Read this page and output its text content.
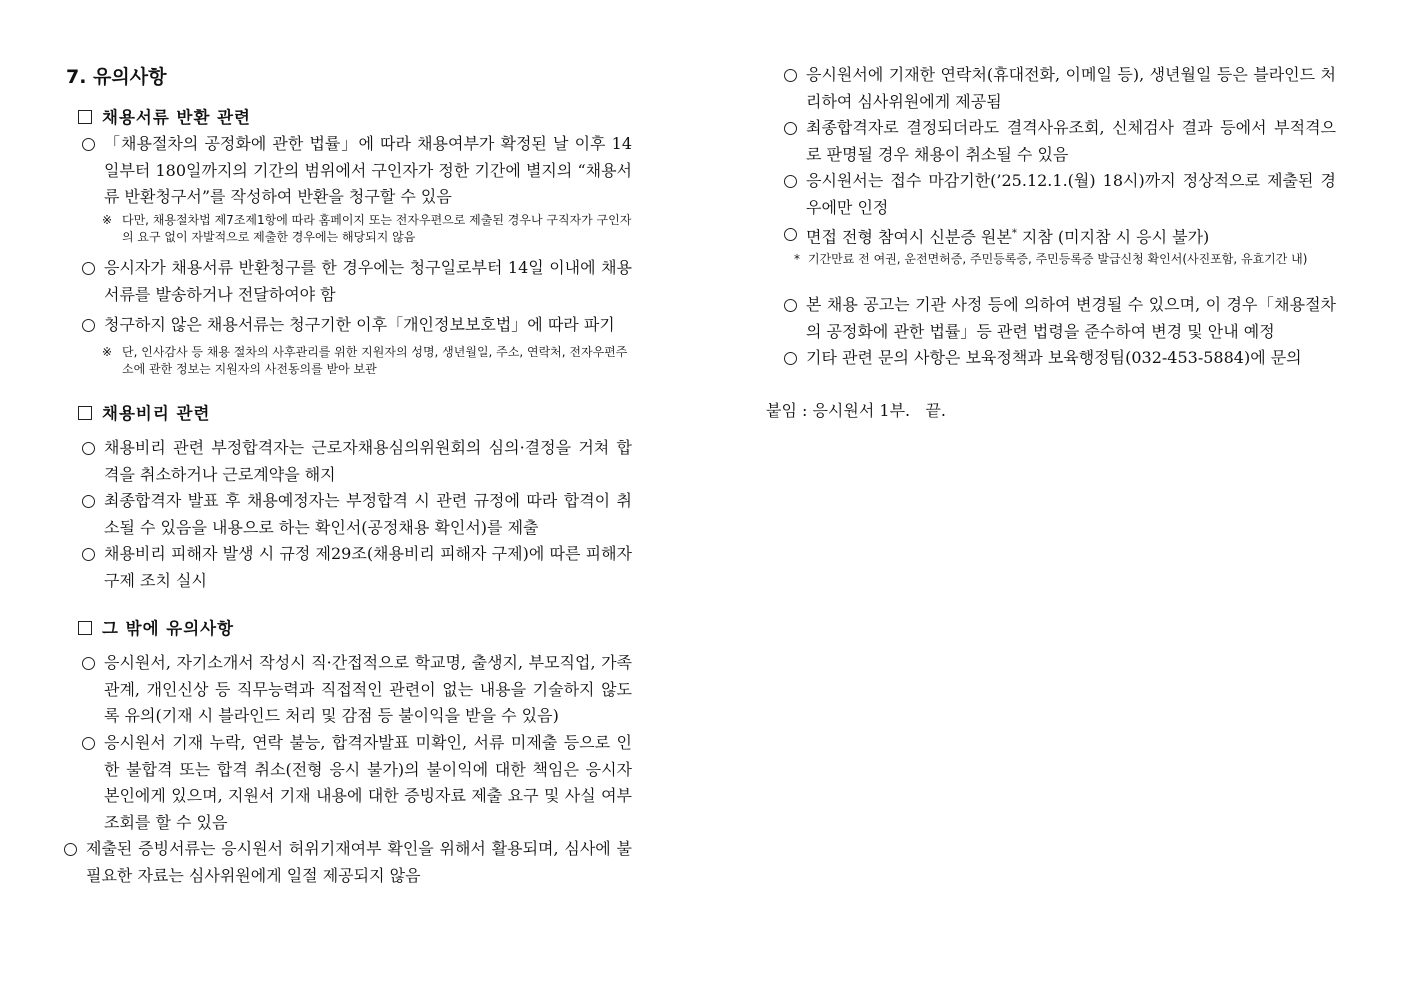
7. 유의사항
채용서류 반환 관련
「채용절차의 공정화에 관한 법률」에 따라 채용여부가 확정된 날 이후 14일부터 180일까지의 기간의 범위에서 구인자가 정한 기간에 별지의 “채용서류 반환청구서”를 작성하여 반환을 청구할 수 있음
※ 다만, 채용절차법 제7조제1항에 따라 홈페이지 또는 전자우편으로 제출된 경우나 구직자가 구인자의 요구 없이 자발적으로 제출한 경우에는 해당되지 않음
응시자가 채용서류 반환청구를 한 경우에는 청구일로부터 14일 이내에 채용서류를 발송하거나 전달하여야 함
청구하지 않은 채용서류는 청구기한 이후「개인정보보호법」에 따라 파기
※ 단, 인사감사 등 채용 절차의 사후관리를 위한 지원자의 성명, 생년월일, 주소, 연락처, 전자우편주소에 관한 정보는 지원자의 사전동의를 받아 보관
채용비리 관련
채용비리 관련 부정합격자는 근로자채용심의위원회의 심의·결정을 거쳐 합격을 취소하거나 근로계약을 해지
최종합격자 발표 후 채용예정자는 부정합격 시 관련 규정에 따라 합격이 취소될 수 있음을 내용으로 하는 확인서(공정채용 확인서)를 제출
채용비리 피해자 발생 시 규정 제29조(채용비리 피해자 구제)에 따른 피해자 구제 조치 실시
그 밖에 유의사항
응시원서, 자기소개서 작성시 직·간접적으로 학교명, 출생지, 부모직업, 가족관계, 개인신상 등 직무능력과 직접적인 관련이 없는 내용을 기술하지 않도록 유의(기재 시 블라인드 처리 및 감점 등 불이익을 받을 수 있음)
응시원서 기재 누락, 연락 불능, 합격자발표 미확인, 서류 미제출 등으로 인한 불합격 또는 합격 취소(전형 응시 불가)의 불이익에 대한 책임은 응시자 본인에게 있으며, 지원서 기재 내용에 대한 증빙자료 제출 요구 및 사실 여부 조회를 할 수 있음
제출된 증빙서류는 응시원서 허위기재여부 확인을 위해서 활용되며, 심사에 불필요한 자료는 심사위원에게 일절 제공되지 않음
응시원서에 기재한 연락처(휴대전화, 이메일 등), 생년월일 등은 블라인드 처리하여 심사위원에게 제공됨
최종합격자로 결정되더라도 결격사유조회, 신체검사 결과 등에서 부적격으로 판명될 경우 채용이 취소될 수 있음
응시원서는 접수 마감기한(’25.12.1.(월) 18시)까지 정상적으로 제출된 경우에만 인정
면접 전형 참여시 신분증 원본* 지참 (미지참 시 응시 불가)
* 기간만료 전 여권, 운전면허증, 주민등록증, 주민등록증 발급신청 확인서(사진포함, 유효기간 내)
본 채용 공고는 기관 사정 등에 의하여 변경될 수 있으며, 이 경우「채용절차의 공정화에 관한 법률」등 관련 법령을 준수하여 변경 및 안내 예정
기타 관련 문의 사항은 보육정책과 보육행정팀(032-453-5884)에 문의
붙임 : 응시원서 1부.   끝.
